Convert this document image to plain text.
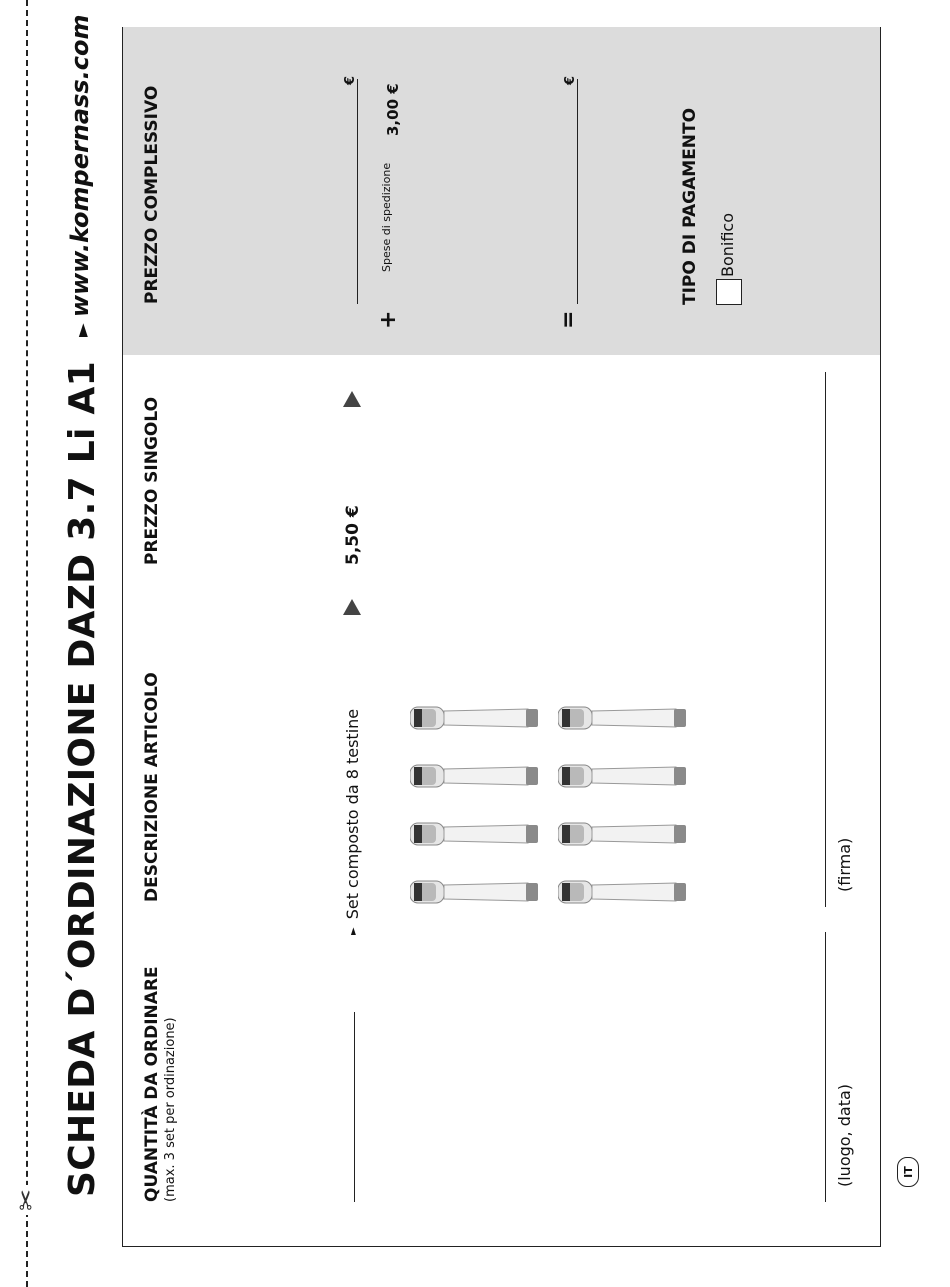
✂
SCHEDA D´ORDINAZIONE DAZD 3.7 Li A1
►www.kompernass.com
QUANTITÀ DA ORDINARE (max. 3 set per ordinazione)
DESCRIZIONE ARTICOLO
PREZZO SINGOLO
PREZZO COMPLESSIVO
►Set composto da 8 testine
5,50 €
€
+
Spese di spedizione
3,00 €
=
€
TIPO DI PAGAMENTO Bonifico
(luogo, data)
(firma)
IT
